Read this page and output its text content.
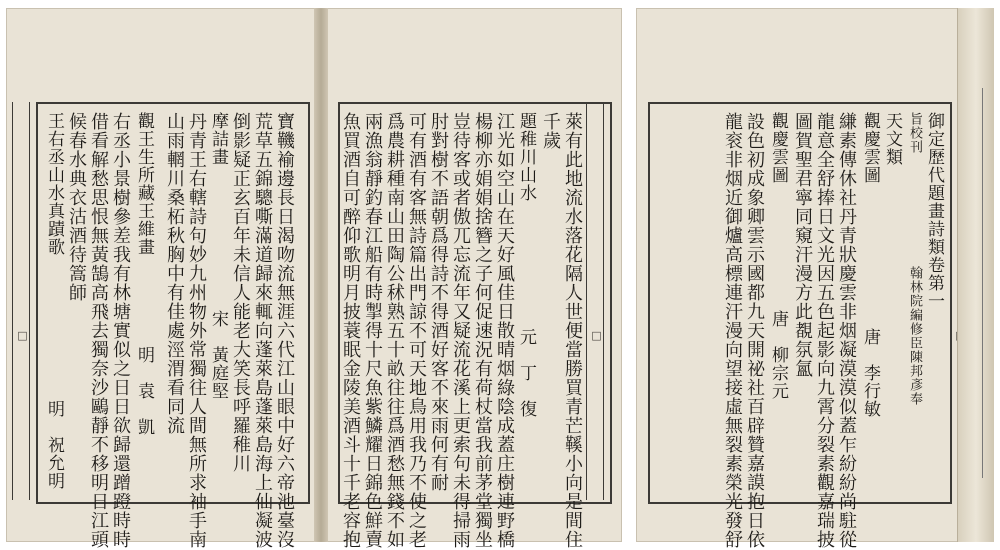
□	□
寶鞿褕邊長日渴吻流無涯六代江山眼中好六帝池臺沒
荒草五錦驄嘶滿道歸來輒向蓬萊島蓬萊島海上仙凝波
倒影疑正玄百年未信人能老大笑長呼羅稚川
摩詰畫　　　　　　　　宋　黃庭堅
丹青王右轄詩句妙九州物外常獨往人間無所求袖手南
山雨輞川桑柘秋胸中有佳處涇渭看同流
觀王生所藏王維畫　　　　　明　袁　凱
右丞小景樹參差我有林塘實似之日日欲歸還蹭蹬時時
借看解愁思恨無黃鵠高飛去獨奈沙鷗靜不移明日江頭
候春水典衣沽酒待篙師
王右丞山水真蹟歌　　　　　　　　明　祝允明	萊有此地流水落花隔人世便當勝買青芒鞵小向是間住
千歲
題稚川山水　　　　　　　元　丁　復
江光如空山在天好風佳日散晴烟綠陰成蓋庄樹連野橋
楊柳亦娟娟捨簪之子何促速況有荷杖當我前茅堂獨坐
豈待客或者傲兀忘流年又疑流花溪上更索句未得掃雨
肘對樹不語朝爲得詩不得酒好客不來雨何有耐
可有酒有客無詩篇出門諒不可天地鳥用我乃不使之老
爲農耕種南山田陶公秫熟五十畝往往爲酒愁無錢不如
兩漁翁靜釣春江船有時掣得十尺魚紫鱗耀日錦色鮮賣
魚買酒自可醉仰歌明月披蓑眠金陵美酒斗十千老容抱	御定歷代題畫詩類卷第一
旨校刊　　　　　　　　翰林院編修臣陳邦彥奉
天文類
觀慶雲圖　　　　　　　　唐　李行敏
縑素傳休社丹青狀慶雲非烟凝漠漠似蓋乍紛紛尚駐從
龍意全舒捧日文光因五色起影向九霄分裂素觀嘉瑞披
圖賀聖君寧同窺汗漫方此覩氛氳
觀慶雲圖　　　　　　　唐　柳宗元
設色初成象卿雲示國都九天開祕社百辟贊嘉謨抱日依
龍衮非烟近御爐高標連汗漫向望接虛無裂素榮光發舒
